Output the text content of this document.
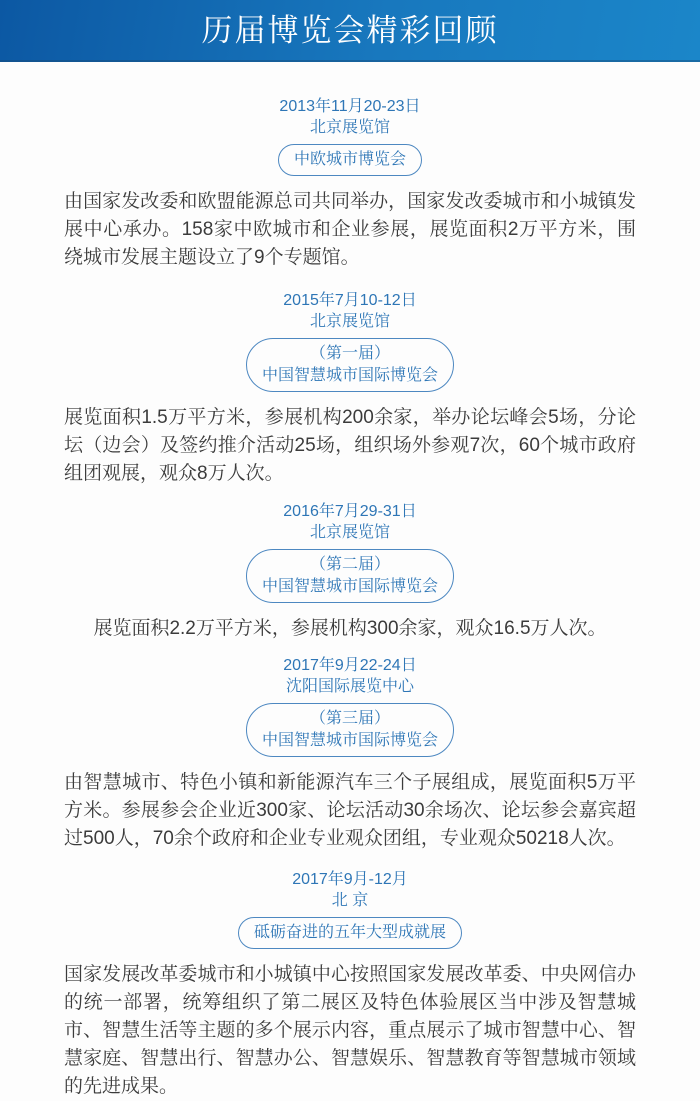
历届博览会精彩回顾
2013年11月20-23日
北京展览馆
中欧城市博览会

由国家发改委和欧盟能源总司共同举办，国家发改委城市和小城镇发展中心承办。158家中欧城市和企业参展，展览面积2万平方米，围绕城市发展主题设立了9个专题馆。

2015年7月10-12日
北京展览馆
（第一届）
中国智慧城市国际博览会

展览面积1.5万平方米，参展机构200余家，举办论坛峰会5场，分论坛（边会）及签约推介活动25场，组织场外参观7次，60个城市政府组团观展，观众8万人次。

2016年7月29-31日
北京展览馆
（第二届）
中国智慧城市国际博览会

展览面积2.2万平方米，参展机构300余家，观众16.5万人次。

2017年9月22-24日
沈阳国际展览中心
（第三届）
中国智慧城市国际博览会

由智慧城市、特色小镇和新能源汽车三个子展组成，展览面积5万平方米。参展参会企业近300家、论坛活动30余场次、论坛参会嘉宾超过500人，70余个政府和企业专业观众团组，专业观众50218人次。

2017年9月-12月
北 京
砥砺奋进的五年大型成就展

国家发展改革委城市和小城镇中心按照国家发展改革委、中央网信办的统一部署，统筹组织了第二展区及特色体验展区当中涉及智慧城市、智慧生活等主题的多个展示内容，重点展示了城市智慧中心、智慧家庭、智慧出行、智慧办公、智慧娱乐、智慧教育等智慧城市领域的先进成果。
